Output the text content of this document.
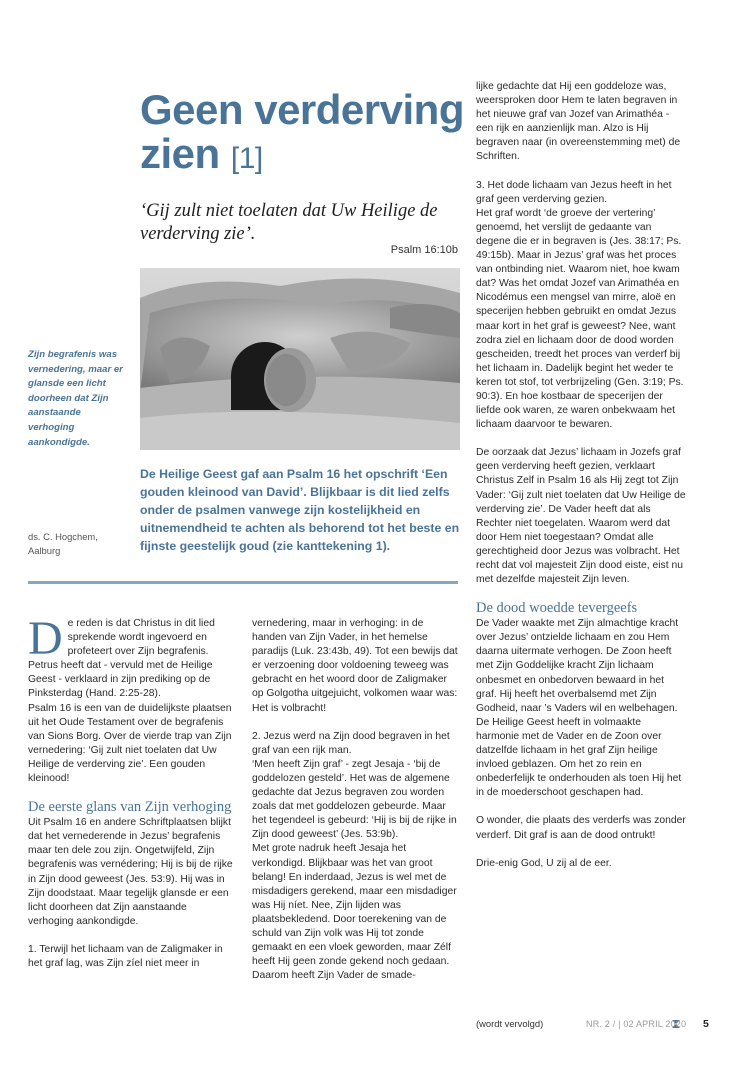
Geen verderving zien [1]
‘Gij zult niet toelaten dat Uw Heilige de verderving zie’.
Psalm 16:10b
Zijn begrafenis was vernedering, maar er glansde een licht doorheen dat Zijn aanstaande verhoging aankondigde.
ds. C. Hogchem,
Aalburg
De Heilige Geest gaf aan Psalm 16 het opschrift ‘Een gouden kleinood van David’. Blijkbaar is dit lied zelfs onder de psalmen vanwege zijn kostelijkheid en uitnemendheid te achten als behorend tot het beste en fijnste geestelijk goud (zie kanttekening 1).

De reden is dat Christus in dit lied sprekende wordt ingevoerd en profeteert over Zijn begrafenis. Petrus heeft dat - vervuld met de Heilige Geest - verklaard in zijn prediking op de Pinksterdag (Hand. 2:25-28).

Psalm 16 is een van de duidelijkste plaatsen uit het Oude Testament over de begrafenis van Sions Borg. Over de vierde trap van Zijn vernedering: ‘Gij zult niet toelaten dat Uw Heilige de verderving zie’. Een gouden kleinood!

De eerste glans van Zijn verhoging

Uit Psalm 16 en andere Schriftplaatsen blijkt dat het vernederende in Jezus’ begrafenis maar ten dele zou zijn. Ongetwijfeld, Zijn begrafenis was vernédering; Hij is bij de rijke in Zijn dood geweest (Jes. 53:9). Hij was in Zijn doodstaat. Maar tegelijk glansde er een licht doorheen dat Zijn aanstaande verhoging aankondigde.

1. Terwijl het lichaam van de Zaligmaker in het graf lag, was Zijn zíel niet meer in

vernedering, maar in verhoging: in de handen van Zijn Vader, in het hemelse paradijs (Luk. 23:43b, 49). Tot een bewijs dat er verzoening door voldoening teweeg was gebracht en het woord door de Zaligmaker op Golgotha uitgejuicht, volkomen waar was: Het is volbracht!

2. Jezus werd na Zijn dood begraven in het graf van een rijk man.

‘Men heeft Zijn graf’ - zegt Jesaja - ‘bij de goddelozen gesteld’. Het was de algemene gedachte dat Jezus begraven zou worden zoals dat met goddelozen gebeurde. Maar het tegendeel is gebeurd: ‘Hij is bij de rijke in Zijn dood geweest’ (Jes. 53:9b).

Met grote nadruk heeft Jesaja het verkondigd. Blijkbaar was het van groot belang! En inderdaad, Jezus is wel met de misdadigers gerekend, maar een misdadiger was Hij níet. Nee, Zijn lijden was plaatsbekledend. Door toerekening van de schuld van Zijn volk was Hij tot zonde gemaakt en een vloek geworden, maar Zélf heeft Hij geen zonde gekend noch gedaan. Daarom heeft Zijn Vader de smade-

lijke gedachte dat Hij een goddeloze was, weersproken door Hem te laten begraven in het nieuwe graf van Jozef van Arimathéa - een rijk en aanzienlijk man. Alzo is Hij begraven naar (in overeenstemming met) de Schriften.

3. Het dode lichaam van Jezus heeft in het graf geen verderving gezien.

Het graf wordt ‘de groeve der vertering’ genoemd, het verslijt de gedaante van degene die er in begraven is (Jes. 38:17; Ps. 49:15b). Maar in Jezus’ graf was het proces van ontbinding niet. Waarom niet, hoe kwam dat? Was het omdat Jozef van Arimathéa en Nicodémus een mengsel van mirre, aloë en specerijen hebben gebruikt en omdat Jezus maar kort in het graf is geweest? Nee, want zodra ziel en lichaam door de dood worden gescheiden, treedt het proces van verderf bij het lichaam in. Dadelijk begint het weder te keren tot stof, tot verbrijzeling (Gen. 3:19; Ps. 90:3). En hoe kostbaar de specerijen der liefde ook waren, ze waren onbekwaam het lichaam daarvoor te bewaren.

De oorzaak dat Jezus’ lichaam in Jozefs graf geen verderving heeft gezien, verklaart Christus Zelf in Psalm 16 als Hij zegt tot Zijn Vader: ‘Gij zult niet toelaten dat Uw Heilige de verderving zie’. De Vader heeft dat als Rechter niet toegelaten. Waarom werd dat door Hem niet toegestaan? Omdat alle gerechtigheid door Jezus was volbracht. Het recht dat vol majesteit Zijn dood eiste, eist nu met dezelfde majesteit Zijn leven.

De dood woedde tevergeefs

De Vader waakte met Zijn almachtige kracht over Jezus’ ontzielde lichaam en zou Hem daarna uitermate verhogen. De Zoon heeft met Zijn Goddelijke kracht Zijn lichaam onbesmet en onbedorven bewaard in het graf. Hij heeft het overbalsemd met Zijn Godheid, naar ’s Vaders wil en welbehagen.

De Heilige Geest heeft in volmaakte harmonie met de Vader en de Zoon over datzelfde lichaam in het graf Zijn heilige invloed geblazen. Om het zo rein en onbederfelijk te onderhouden als toen Hij het in de moederschoot geschapen had.

O wonder, die plaats des verderfs was zonder verderf. Dit graf is aan de dood ontrukt!

Drie-enig God, U zij al de eer.

(wordt vervolgd)	NR. 2 / | 02 APRIL 2020 5
